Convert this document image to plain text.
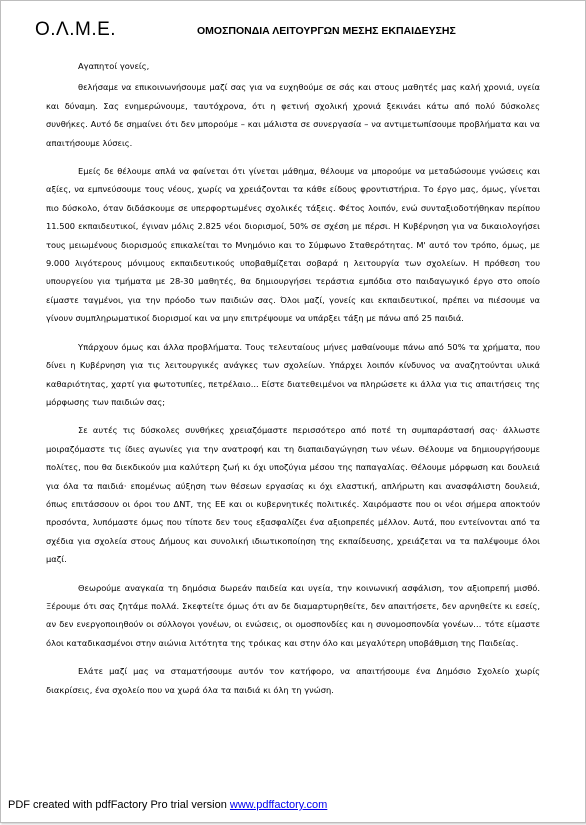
Ο.Λ.Μ.Ε.	ΟΜΟΣΠΟΝΔΙΑ ΛΕΙΤΟΥΡΓΩΝ ΜΕΣΗΣ ΕΚΠΑΙΔΕΥΣΗΣ

Αγαπητοί γονείς,

θελήσαμε να επικοινωνήσουμε μαζί σας για να ευχηθούμε σε σάς και στους μαθητές μας καλή χρονιά, υγεία και δύναμη. Σας ενημερώνουμε, ταυτόχρονα, ότι η φετινή σχολική χρονιά ξεκινάει κάτω από πολύ δύσκολες συνθήκες. Αυτό δε σημαίνει ότι δεν μπορούμε – και μάλιστα σε συνεργασία – να αντιμετωπίσουμε προβλήματα και να απαιτήσουμε λύσεις.

Εμείς δε θέλουμε απλά να φαίνεται ότι γίνεται μάθημα, θέλουμε να μπορούμε να μεταδώσουμε γνώσεις και αξίες, να εμπνεύσουμε τους νέους, χωρίς να χρειάζονται τα κάθε είδους φροντιστήρια. Το έργο μας, όμως, γίνεται πιο δύσκολο, όταν διδάσκουμε σε υπερφορτωμένες σχολικές τάξεις. Φέτος λοιπόν, ενώ συνταξιοδοτήθηκαν περίπου 11.500 εκπαιδευτικοί, έγιναν μόλις 2.825 νέοι διορισμοί, 50% σε σχέση με πέρσι. Η Κυβέρνηση για να δικαιολογήσει τους μειωμένους διορισμούς επικαλείται το Μνημόνιο και το Σύμφωνο Σταθερότητας. Μ' αυτό τον τρόπο, όμως, με 9.000 λιγότερους μόνιμους εκπαιδευτικούς υποβαθμίζεται σοβαρά η λειτουργία των σχολείων. Η πρόθεση του υπουργείου για τμήματα με 28-30 μαθητές, θα δημιουργήσει τεράστια εμπόδια στο παιδαγωγικό έργο στο οποίο είμαστε ταγμένοι, για την πρόοδο των παιδιών σας. Όλοι μαζί, γονείς και εκπαιδευτικοί, πρέπει να πιέσουμε να γίνουν συμπληρωματικοί διορισμοί και να μην επιτρέψουμε να υπάρξει τάξη με πάνω από 25 παιδιά.

Υπάρχουν όμως και άλλα προβλήματα. Τους τελευταίους μήνες μαθαίνουμε πάνω από 50% τα χρήματα, που δίνει η Κυβέρνηση για τις λειτουργικές ανάγκες των σχολείων. Υπάρχει λοιπόν κίνδυνος να αναζητούνται υλικά καθαριότητας, χαρτί για φωτοτυπίες, πετρέλαιο... Είστε διατεθειμένοι να πληρώσετε κι άλλα για τις απαιτήσεις της μόρφωσης των παιδιών σας;

Σε αυτές τις δύσκολες συνθήκες χρειαζόμαστε περισσότερο από ποτέ τη συμπαράστασή σας· άλλωστε μοιραζόμαστε τις ίδιες αγωνίες για την ανατροφή και τη διαπαιδαγώγηση των νέων. Θέλουμε να δημιουργήσουμε πολίτες, που θα διεκδικούν μια καλύτερη ζωή κι όχι υποζύγια μέσου της παπαγαλίας. Θέλουμε μόρφωση και δουλειά για όλα τα παιδιά· επομένως αύξηση των θέσεων εργασίας κι όχι ελαστική, απλήρωτη και ανασφάλιστη δουλειά, όπως επιτάσσουν οι όροι του ΔΝΤ, της ΕΕ και οι κυβερνητικές πολιτικές. Χαιρόμαστε που οι νέοι σήμερα αποκτούν προσόντα, λυπόμαστε όμως που τίποτε δεν τους εξασφαλίζει ένα αξιοπρεπές μέλλον. Αυτά, που εντείνονται από τα σχέδια για σχολεία στους Δήμους και συνολική ιδιωτικοποίηση της εκπαίδευσης, χρειάζεται να τα παλέψουμε όλοι μαζί.

Θεωρούμε αναγκαία τη δημόσια δωρεάν παιδεία και υγεία, την κοινωνική ασφάλιση, τον αξιοπρεπή μισθό. Ξέρουμε ότι σας ζητάμε πολλά. Σκεφτείτε όμως ότι αν δε διαμαρτυρηθείτε, δεν απαιτήσετε, δεν αρνηθείτε κι εσείς, αν δεν ενεργοποιηθούν οι σύλλογοι γονέων, οι ενώσεις, οι ομοσπονδίες και η συνομοσπονδία γονέων… τότε είμαστε όλοι καταδικασμένοι στην αιώνια λιτότητα της τρόικας και στην όλο και μεγαλύτερη υποβάθμιση της Παιδείας.

Ελάτε μαζί μας να σταματήσουμε αυτόν τον κατήφορο, να απαιτήσουμε ένα Δημόσιο Σχολείο χωρίς διακρίσεις, ένα σχολείο που να χωρά όλα τα παιδιά κι όλη τη γνώση.

PDF created with pdfFactory Pro trial version www.pdffactory.com
